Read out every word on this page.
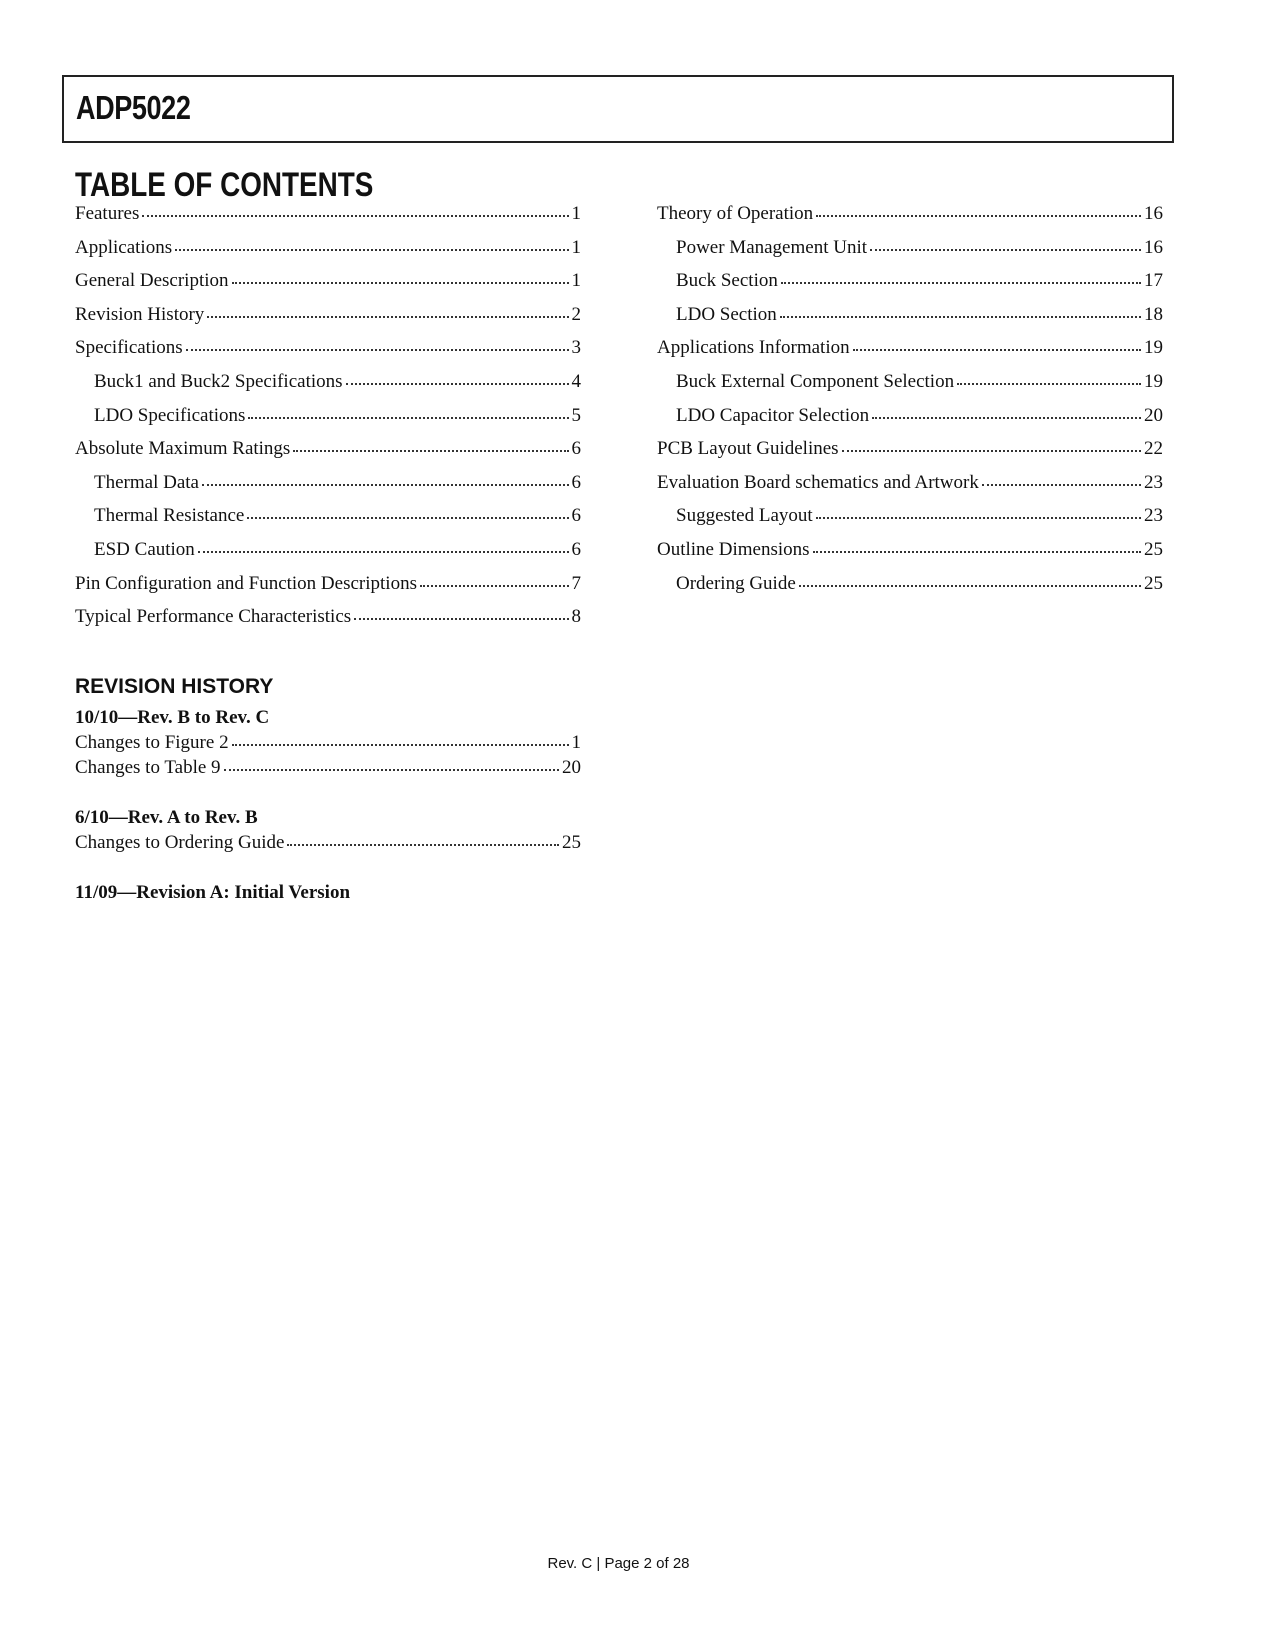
ADP5022
TABLE OF CONTENTS
Features	1
Applications	1
General Description	1
Revision History	2
Specifications	3
Buck1 and Buck2 Specifications	4
LDO Specifications	5
Absolute Maximum Ratings	6
Thermal Data	6
Thermal Resistance	6
ESD Caution	6
Pin Configuration and Function Descriptions	7
Typical Performance Characteristics	8
Theory of Operation	16
Power Management Unit	16
Buck Section	17
LDO Section	18
Applications Information	19
Buck External Component Selection	19
LDO Capacitor Selection	20
PCB Layout Guidelines	22
Evaluation Board schematics and Artwork	23
Suggested Layout	23
Outline Dimensions	25
Ordering Guide	25
REVISION HISTORY
10/10—Rev. B to Rev. C
Changes to Figure 2	1
Changes to Table 9	20
6/10—Rev. A to Rev. B
Changes to Ordering Guide	25
11/09—Revision A: Initial Version
Rev. C | Page 2 of 28
